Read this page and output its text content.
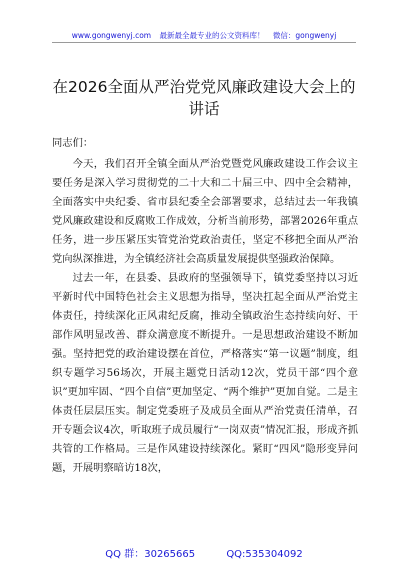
www.gongwenyj.com 最新最全最专业的公文资料库！ 微信：gongwenyj
在2026全面从严治党党风廉政建设大会上的讲话

同志们：

今天，我们召开全镇全面从严治党暨党风廉政建设工作会议主要任务是深入学习贯彻党的二十大和二十届三中、四中全会精神，全面落实中央纪委、省市县纪委全会部署要求，总结过去一年我镇党风廉政建设和反腐败工作成效，分析当前形势，部署2026年重点任务，进一步压紧压实管党治党政治责任，坚定不移把全面从严治党向纵深推进，为全镇经济社会高质量发展提供坚强政治保障。

过去一年，在县委、县政府的坚强领导下，镇党委坚持以习近平新时代中国特色社会主义思想为指导，坚决扛起全面从严治党主体责任，持续深化正风肃纪反腐，推动全镇政治生态持续向好、干部作风明显改善、群众满意度不断提升。一是思想政治建设不断加强。坚持把党的政治建设摆在首位，严格落实“第一议题”制度，组织专题学习56场次，开展主题党日活动12次，党员干部“四个意识”更加牢固、“四个自信”更加坚定、“两个维护”更加自觉。二是主体责任层层压实。制定党委班子及成员全面从严治党责任清单，召开专题会议4次，听取班子成员履行“一岗双责”情况汇报，形成齐抓共管的工作格局。三是作风建设持续深化。紧盯“四风”隐形变异问题，开展明察暗访18次，

QQ 群：30265665	QQ:535304092
